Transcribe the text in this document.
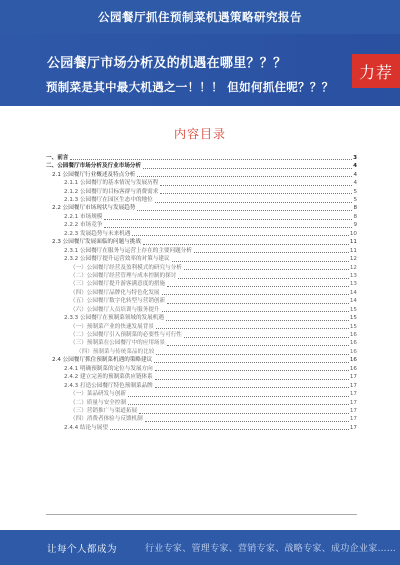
公园餐厅抓住预制菜机遇策略研究报告
公园餐厅市场分析及的机遇在哪里？？？
预制菜是其中最大机遇之一！！！ 但如何抓住呢？？？
力荐
内容目录
一、前言	3
二、公园餐厅市场分析及行业市场分析	4
2.1 公园餐厅行业概述及特点分析	4
2.1.1 公园餐厅的基本情况与发展历程	4
2.1.2 公园餐厅的目标客群与消费需求	5
2.1.3 公园餐厅在园区生态中的地位	5
2.2 公园餐厅市场现状与发展趋势	8
2.2.1 市场规模	8
2.2.2 市场竞争	9
2.2.3 发展趋势与未来机遇	10
2.3 公园餐厅发展面临的问题与挑战	11
2.3.1 公园餐厅在服务与运营上存在的主要问题分析	11
2.3.2 公园餐厅提升运营效率的对策与建议	12
（一）公园餐厅经营及盈利模式的研究与分析	12
（二）公园餐厅经营管理与成本控制的探讨	13
（三）公园餐厅提升游客满意度的措施	13
（四）公园餐厅品牌化与特色化发展	14
（五）公园餐厅数字化转型与营销创新	14
（六）公园餐厅人员培训与服务提升	15
2.3.3 公园餐厅在预制菜领域的发展机遇	15
（一）预制菜产业的快速发展背景	15
（二）公园餐厅引入预制菜的必要性与可行性	16
（三）预制菜在公园餐厅中的应用场景	16
（四）预制菜与传统菜品的比较	16
2.4 公园餐厅抓住预制菜机遇的策略建议	16
2.4.1 明确预制菜的定位与发展方向	16
2.4.2 建立完善的预制菜供应链体系	17
2.4.3 打造公园餐厅特色预制菜品牌	17
（一）菜品研发与创新	17
（二）质量与安全控制	17
（三）营销推广与渠道拓展	17
（四）消费者体验与反馈机制	17
2.4.4 结论与展望	17
让每个人都成为	行业专家、管理专家、营销专家、战略专家、成功企业家……
